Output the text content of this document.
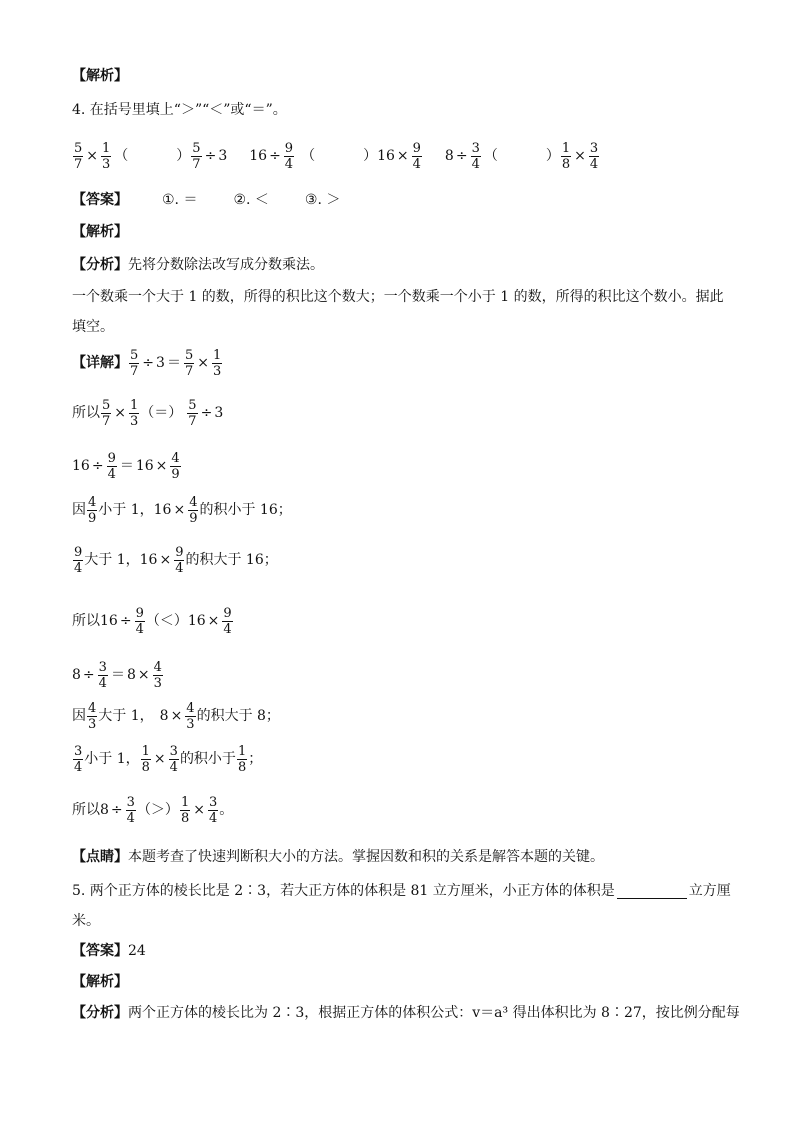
【解析】
4. 在括号里填上“＞”“＜”或“＝”。
$\frac{5}{7} \times \frac{1}{3}$ （	） $\frac{5}{7} \div 3$ $16 \div \frac{9}{4}$ （	） $16 \times \frac{9}{4} 8 \div \frac{3}{4}$ （	） $\frac{1}{8} \times \frac{3}{4}$
【答案】 ①. ＝	②. ＜	③. ＞
【解析】
【分析】 先将分数除法改写成分数乘法。
一个数乘一个大于 1 的数，所得的积比这个数大；一个数乘一个小于 1 的数，所得的积比这个数小。据此
填空。
【详解】 $\frac{5}{7} \div 3 = \frac{5}{7} \times \frac{1}{3}$
所以 $\frac{5}{7} \times \frac{1}{3}$ （＝） $\frac{5}{7} \div 3$
$16 \div \frac{9}{4} = 16 \times \frac{4}{9}$
因 $\frac{4}{9}$ 小于 1， $16 \times \frac{4}{9}$ 的积小于 16；
$\frac{9}{4}$ 大于 1， $16 \times \frac{9}{4}$ 的积大于 16；
所以 $16 \div \frac{9}{4}$ （＜） $16 \times \frac{9}{4}$
$8 \div \frac{3}{4} = 8 \times \frac{4}{3}$
因 $\frac{4}{3}$ 大于 1， $8 \times \frac{4}{3}$ 的积大于 8；
$\frac{3}{4}$ 小于 1， $\frac{1}{8} \times \frac{3}{4}$ 的积小于 $\frac{1}{8}$ ；
所以 $8 \div \frac{3}{4}$ （＞） $\frac{1}{8} \times \frac{3}{4}$ 。
【点睛】 本题考查了快速判断积大小的方法。掌握因数和积的关系是解答本题的关键。
5. 两个正方体的棱长比是 2∶3，若大正方体的体积是 81 立方厘米，小正方体的体积是	立方厘
米。
【答案】 24
【解析】
【分析】 两个正方体的棱长比为 2∶3，根据正方体的体积公式：v＝a³ 得出体积比为 8∶27，按比例分配每
